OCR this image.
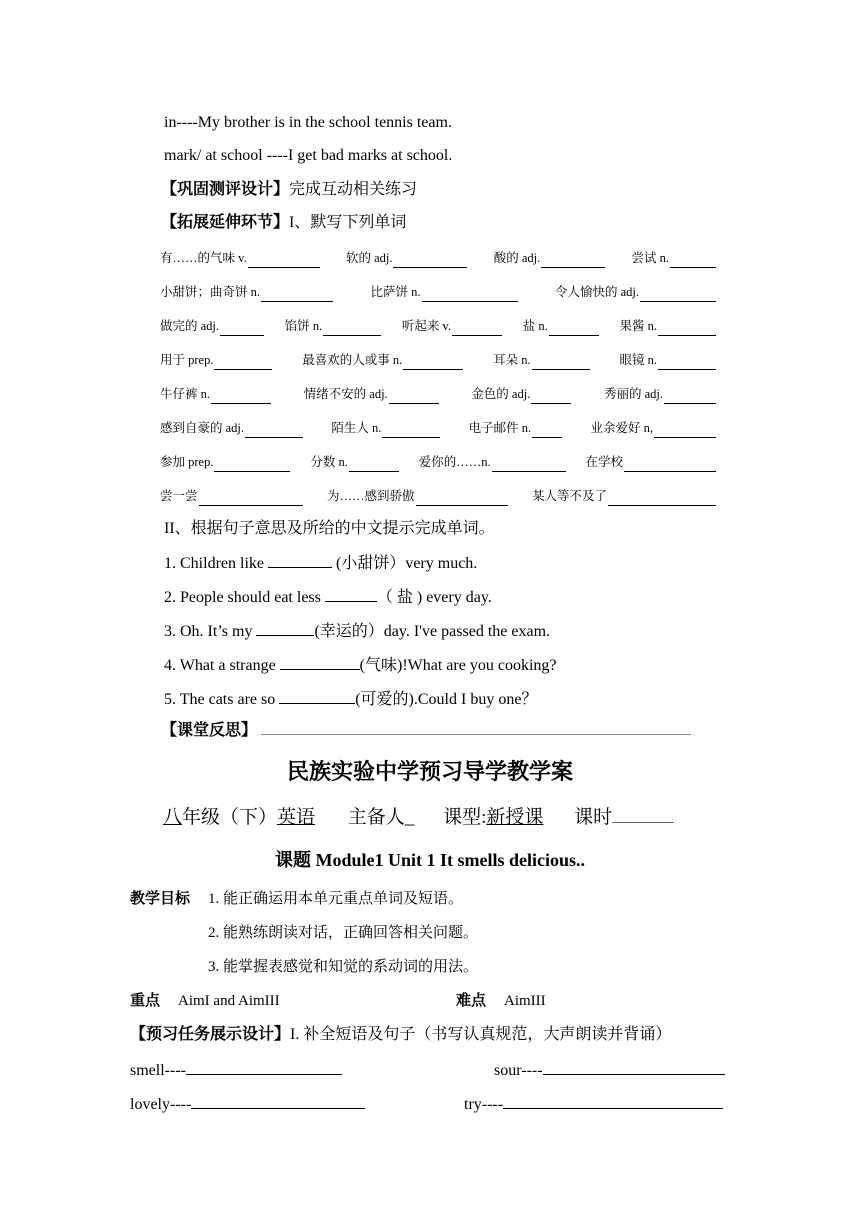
in----My brother is in the school tennis team.
mark/ at school ----I get bad marks at school.
【巩固测评设计】完成互动相关练习
【拓展延伸环节】I、默写下列单词
有……的气味 v.	软的 adj.	酸的 adj.	尝试 n.
小甜饼；曲奇饼 n.	比萨饼 n.	令人愉快的 adj.
做完的 adj.	馅饼 n.	听起来 v.	盐 n.	果酱 n.
用于 prep.	最喜欢的人或事 n.	耳朵 n.	眼镜 n.
牛仔裤 n.	情绪不安的 adj.	金色的 adj.	秀丽的 adj.
感到自豪的 adj.	陌生人 n.	电子邮件 n.	业余爱好 n,
参加 prep.	分数 n.	爱你的……n.	在学校
尝一尝	为……感到骄傲	某人等不及了
II、根据句子意思及所给的中文提示完成单词。
1. Children like	(小甜饼）very much.
2. People should eat less	（ 盐 ) every day.
3. Oh. It’s my	(幸运的）day. I've passed the exam.
4. What a strange	(气味)!What are you cooking?
5. The cats are so	(可爱的).Could I buy one？
【课堂反思】
民族实验中学预习导学教学案
八年级（下）英语 主备人_ 课型:新授课 课时
课题 Module1 Unit 1 It smells delicious..
教学目标 1. 能正确运用本单元重点单词及短语。
2. 能熟练朗读对话，正确回答相关问题。
3. 能掌握表感觉和知觉的系动词的用法。
重点 AimI and AimIII	难点 AimIII
【预习任务展示设计】I. 补全短语及句子（书写认真规范，大声朗读并背诵）
smell----	sour----
lovely----	try----
